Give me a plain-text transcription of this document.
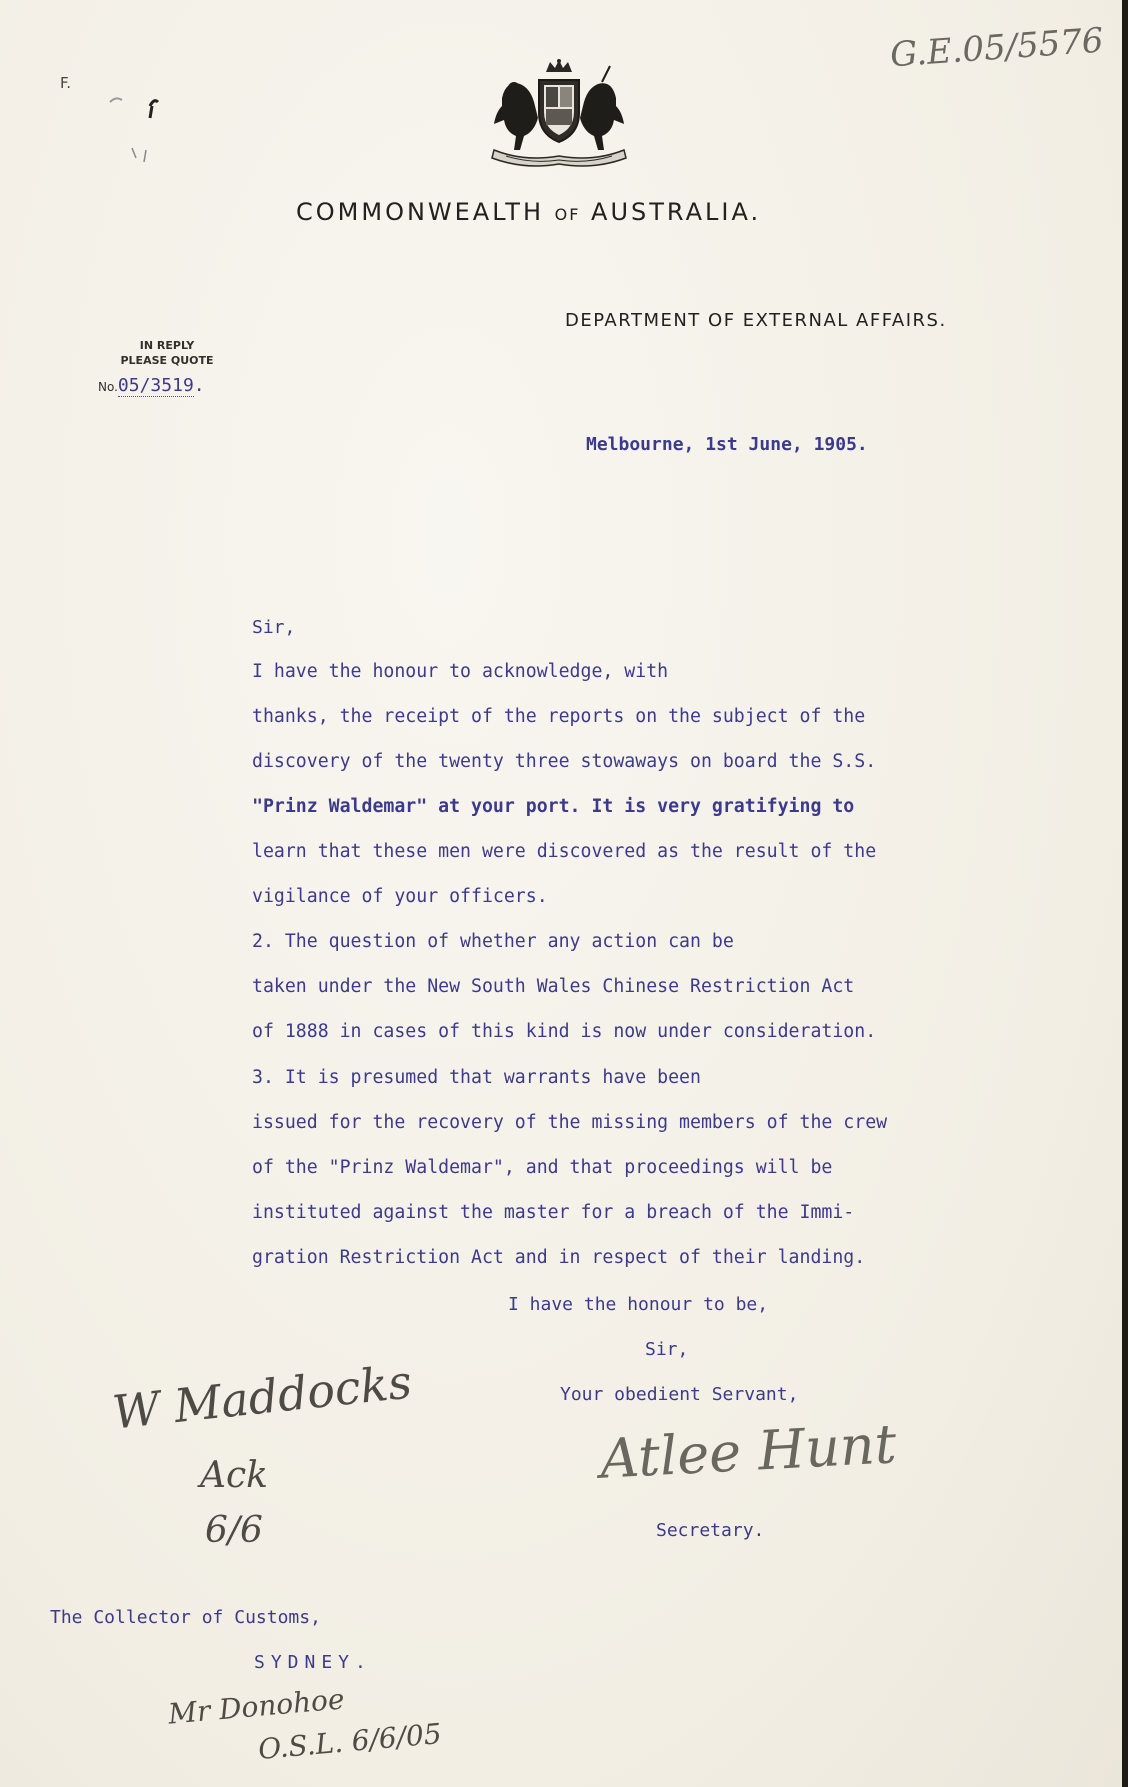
F.
G.E.05/5576
COMMONWEALTH OF AUSTRALIA.
DEPARTMENT OF EXTERNAL AFFAIRS.
IN REPLY
PLEASE QUOTE
No.05/3519.
Melbourne, 1st June, 1905.
Sir,
I have the honour to acknowledge, with
thanks, the receipt of the reports on the subject of the
discovery of the twenty three stowaways on board the S.S.
"Prinz Waldemar" at your port. It is very gratifying to
learn that these men were discovered as the result of the
vigilance of your officers.
2. The question of whether any action can be
taken under the New South Wales Chinese Restriction Act
of 1888 in cases of this kind is now under consideration.
3. It is presumed that warrants have been
issued for the recovery of the missing members of the crew
of the "Prinz Waldemar", and that proceedings will be
instituted against the master for a breach of the Immi-
gration Restriction Act and in respect of their landing.
I have the honour to be,
Sir,
Your obedient Servant,
Atlee Hunt
Secretary.
W Maddocks
Ack
6/6
The Collector of Customs,
SYDNEY.
Mr Donohoe
O.S.L. 6/6/05
